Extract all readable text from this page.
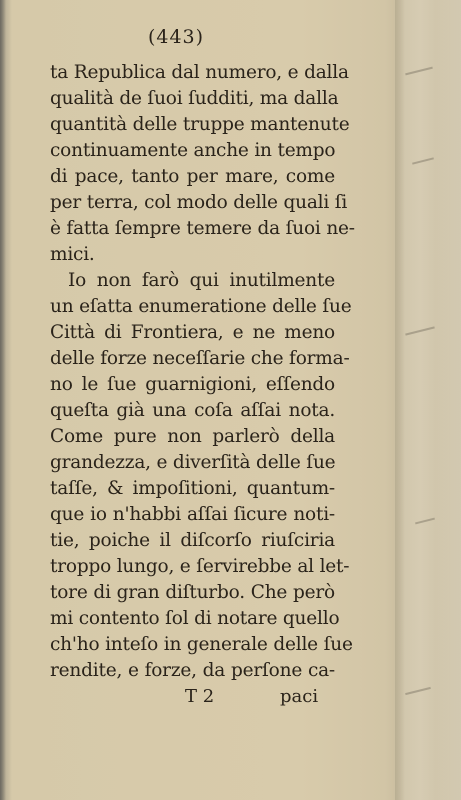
(443)
ta Republica dal numero, e dalla
qualità de ſuoi ſudditi, ma dalla
quantità delle truppe mantenute
continuamente anche in tempo
di pace, tanto per mare, come
per terra, col modo delle quali ſi
è fatta ſempre temere da ſuoi ne-
mici.
Io non farò qui inutilmente
un eſatta enumeratione delle ſue
Città di Frontiera, e ne meno
delle forze neceſſarie che forma-
no le ſue guarnigioni, eſſendo
queſta già una coſa aſſai nota.
Come pure non parlerò della
grandezza, e diverſità delle ſue
taſſe, & impoſitioni, quantum-
que io n'habbi aſſai ſicure noti-
tie, poiche il diſcorſo riuſciria
troppo lungo, e ſervirebbe al let-
tore di gran diſturbo. Che però
mi contento ſol di notare quello
ch'ho inteſo in generale delle ſue
rendite, e forze, da perſone ca-
T 2	paci
